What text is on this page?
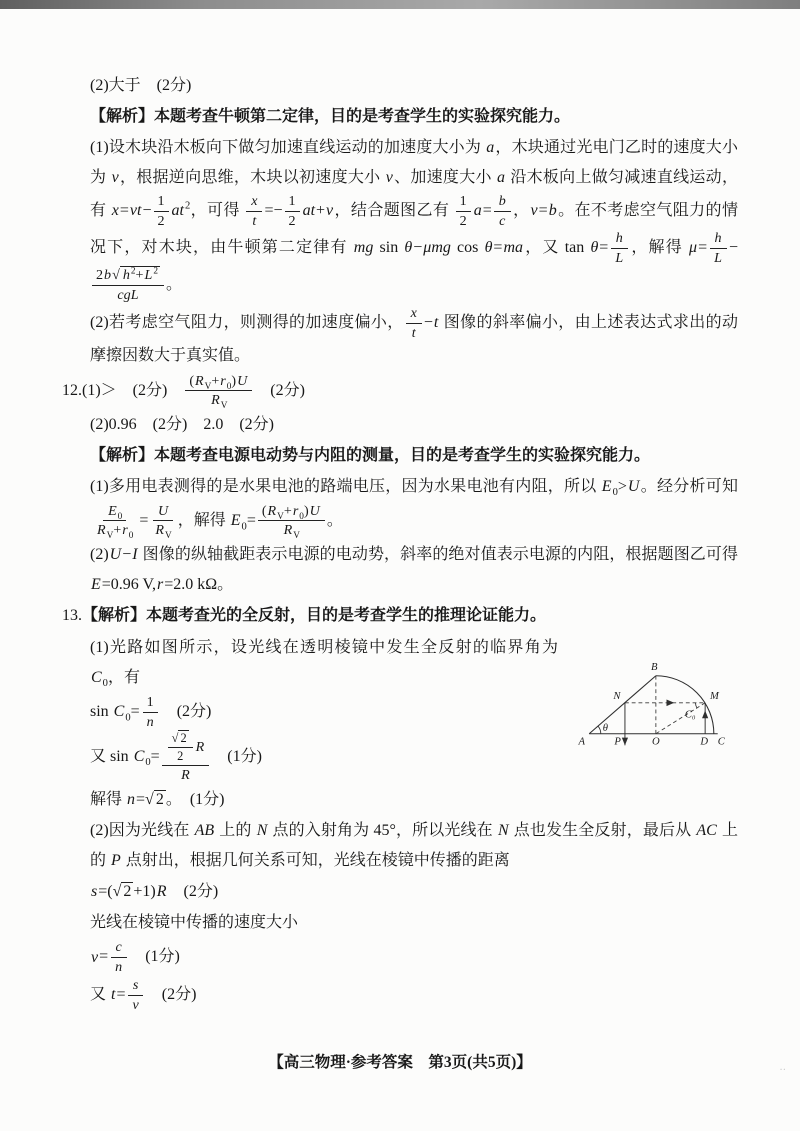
(2)大于　(2分)
【解析】本题考查牛顿第二定律，目的是考查学生的实验探究能力。
(1)设木块沿木板向下做匀加速直线运动的加速度大小为 a，木块通过光电门乙时的速度大小为 v，根据逆向思维，木块以初速度大小 v、加速度大小 a 沿木板向上做匀减速直线运动，有 $x=vt- \frac{1}{2} at^2$，可得 $\frac{x}{t} =- \frac{1}{2} at+v$，结合题图乙有 $\frac{1}{2} a= \frac{b}{c}$ ，v=b。在不考虑空气阻力的情况下，对木块，由牛顿第二定律有 mg sin θ−μmg cos θ=ma，又 $\tan \theta= \frac{h}{L}$ ，解得 $\mu= \frac{h}{L}$ −
$\frac{2b√ h^2+L^2}{\text{cgL}}$ 。
(2)若考虑空气阻力，则测得的加速度偏小， $\frac{x}{t} -t$ 图像的斜率偏小，由上述表达式求出的动摩擦因数大于真实值。
12.(1)＞　(2分)　 $\frac{(R_V+r_0)U}{R_V}$ 　(2分)
(2)0.96　(2分)　2.0　(2分)
【解析】本题考查电源电动势与内阻的测量，目的是考查学生的实验探究能力。
(1)多用电表测得的是水果电池的路端电压，因为水果电池有内阻，所以 $E_0>U$。经分析可知
$\frac{E_0}{R_V+r_0} = \frac{U}{R_V}$ ，解得 $E_0= \frac{(R_V+r_0)U}{R_V}$ 。
(2)U−I 图像的纵轴截距表示电源的电动势，斜率的绝对值表示电源的内阻，根据题图乙可得 E=0.96 V,r=2.0 kΩ。
13.【解析】本题考查光的全反射，目的是考查学生的推理论证能力。
B
N	M
A
θ
C₀
P	O	D C
(1)光路如图所示，设光线在透明棱镜中发生全反射的临界角为 $C_0$，有
$\sin C_0= \frac{1}{n}$ 　(2分)
又 $\sin C_0= \frac{\frac{√ 2}{2} R}{R}$ 　(1分)
解得 n=√ 2 。　(1分)
(2)因为光线在 AB 上的 N 点的入射角为 45°，所以光线在 N 点也发生全反射，最后从 AC 上的 P 点射出，根据几何关系可知，光线在棱镜中传播的距离
s=(√ 2 +1)R　(2分)
光线在棱镜中传播的速度大小
$v= \frac{c}{n}$ 　(1分)
又 $t= \frac{s}{v}$ 　(2分)
【高三物理·参考答案　第3页(共5页)】	‥
